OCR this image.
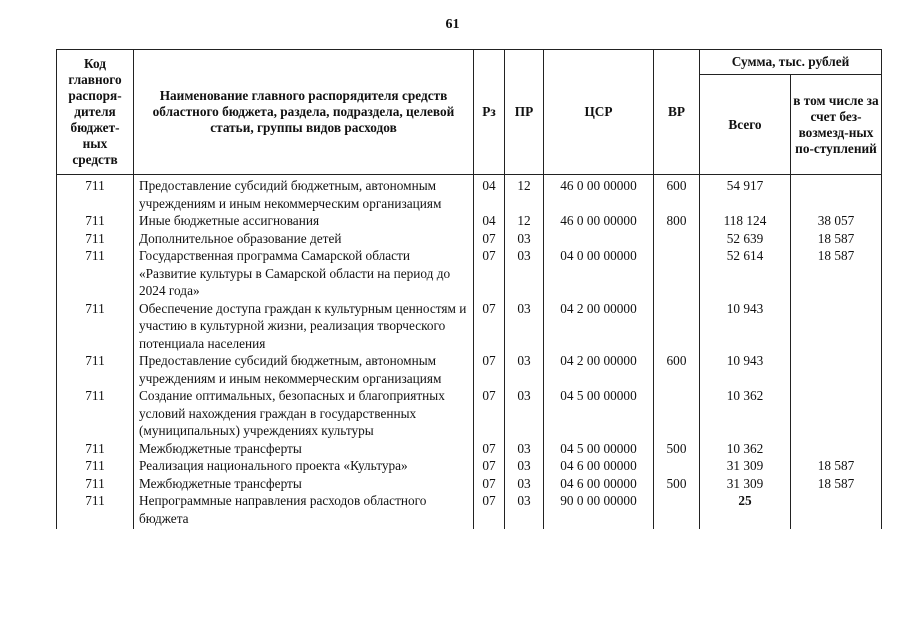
61
Код главного распоря-дителя бюджет-ных средств	Наименование главного распорядителя средств областного бюджета, раздела, подраздела, целевой статьи, группы видов расходов	Рз	ПР	ЦСР	ВР	Сумма, тыс. рублей	
						Всего	в том числе за счет без-возмезд-ных по-ступлений
711	Предоставление субсидий бюджетным, автономным учреждениям и иным некоммерческим организациям	04	12	46 0 00 00000	600	54 917	
711	Иные бюджетные ассигнования	04	12	46 0 00 00000	800	118 124	38 057
711	Дополнительное образование детей	07	03			52 639	18 587
711	Государственная программа Самарской области «Развитие культуры в Самарской области на период до 2024 года»	07	03	04 0 00 00000		52 614	18 587
711	Обеспечение доступа граждан к культурным ценностям и участию в культурной жизни, реализация творческого потенциала населения	07	03	04 2 00 00000		10 943	
711	Предоставление субсидий бюджетным, автономным учреждениям и иным некоммерческим организациям	07	03	04 2 00 00000	600	10 943	
711	Создание оптимальных, безопасных и благоприятных условий нахождения граждан в государственных (муниципальных) учреждениях культуры	07	03	04 5 00 00000		10 362	
711	Межбюджетные трансферты	07	03	04 5 00 00000	500	10 362	
711	Реализация национального проекта «Культура»	07	03	04 6 00 00000		31 309	18 587
711	Межбюджетные трансферты	07	03	04 6 00 00000	500	31 309	18 587
711	Непрограммные направления расходов областного бюджета	07	03	90 0 00 00000		25	
